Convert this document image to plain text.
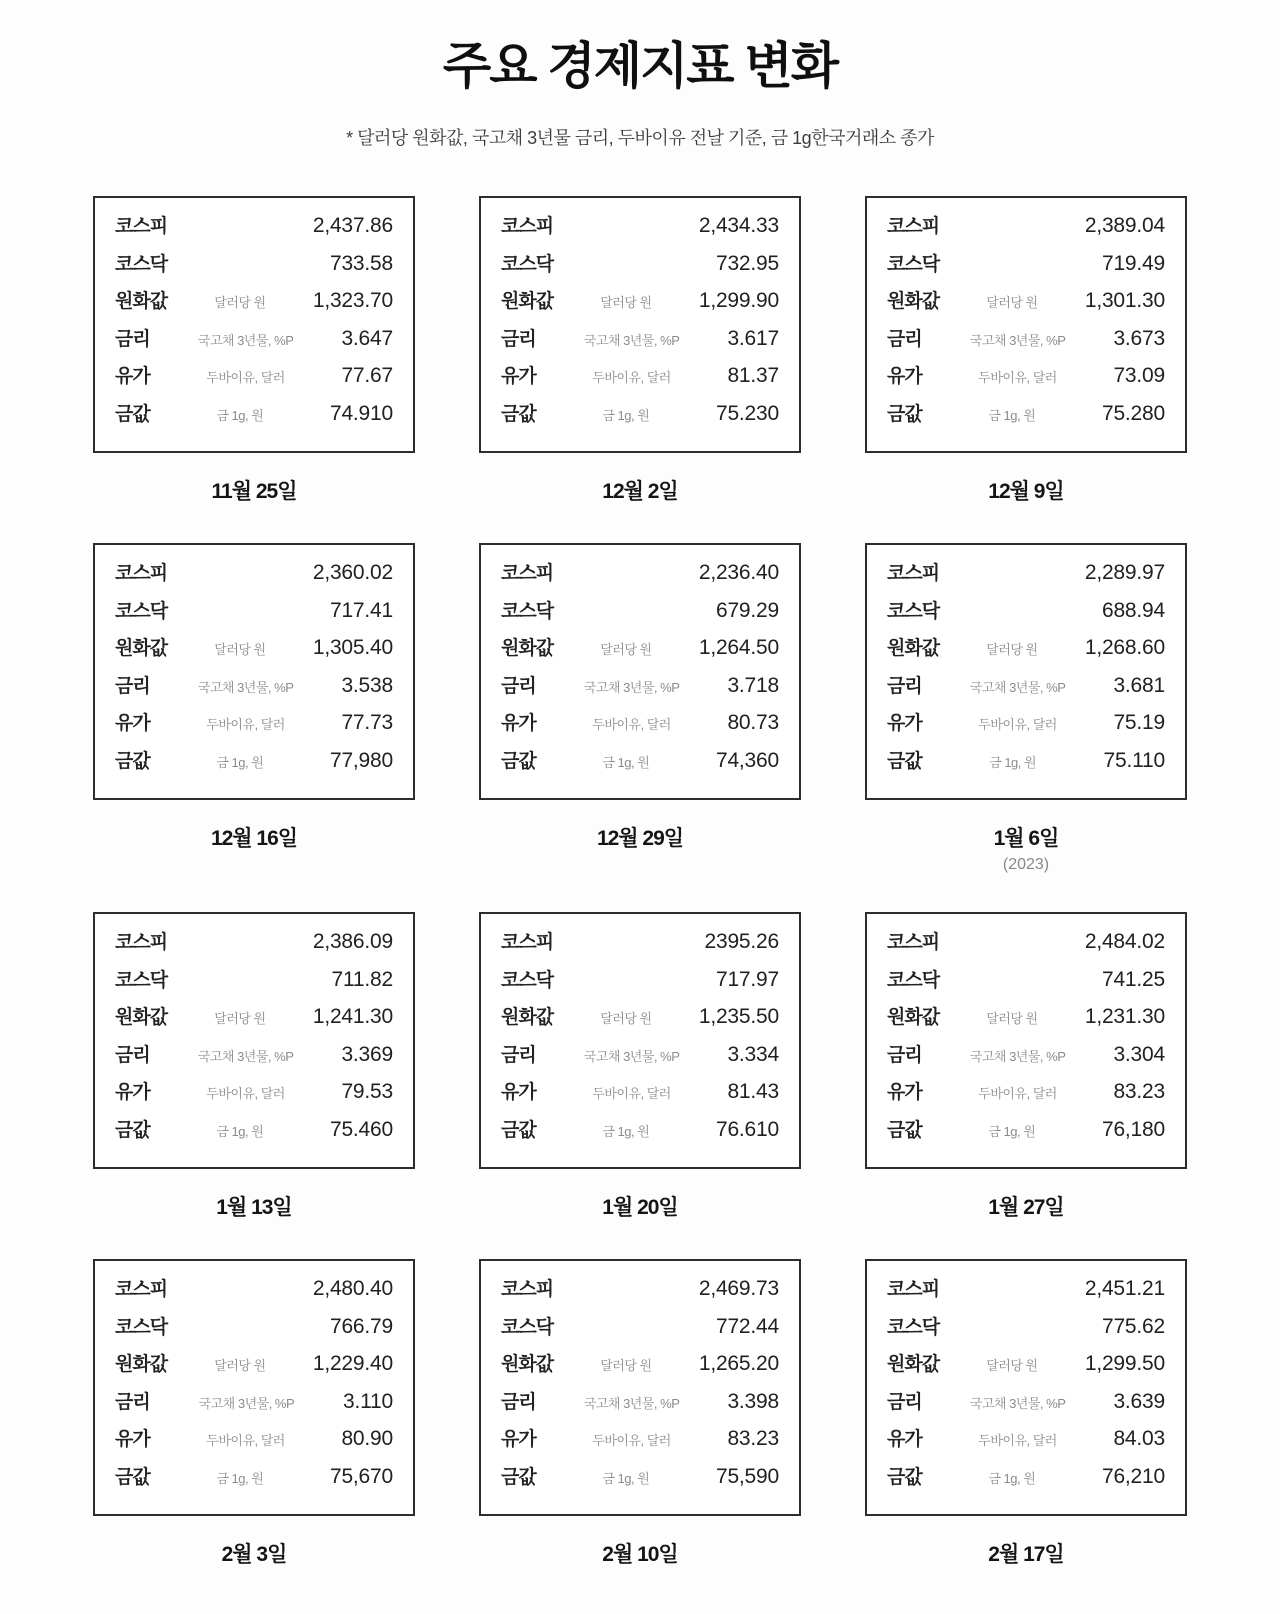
주요 경제지표 변화
* 달러당 원화값, 국고채 3년물 금리, 두바이유 전날 기준, 금 1g한국거래소 종가
코스피	2,437.86
코스닥	733.58
원화값	달러당 원	1,323.70
금리	국고채 3년물, %P	3.647
유가	두바이유, 달러	77.67
금값	금 1g, 원	74.910
11월 25일
코스피	2,434.33
코스닥	732.95
원화값	달러당 원	1,299.90
금리	국고채 3년물, %P	3.617
유가	두바이유, 달러	81.37
금값	금 1g, 원	75.230
12월 2일
코스피	2,389.04
코스닥	719.49
원화값	달러당 원	1,301.30
금리	국고채 3년물, %P	3.673
유가	두바이유, 달러	73.09
금값	금 1g, 원	75.280
12월 9일
코스피	2,360.02
코스닥	717.41
원화값	달러당 원	1,305.40
금리	국고채 3년물, %P	3.538
유가	두바이유, 달러	77.73
금값	금 1g, 원	77,980
12월 16일
코스피	2,236.40
코스닥	679.29
원화값	달러당 원	1,264.50
금리	국고채 3년물, %P	3.718
유가	두바이유, 달러	80.73
금값	금 1g, 원	74,360
12월 29일
코스피	2,289.97
코스닥	688.94
원화값	달러당 원	1,268.60
금리	국고채 3년물, %P	3.681
유가	두바이유, 달러	75.19
금값	금 1g, 원	75.110
1월 6일
(2023)
코스피	2,386.09
코스닥	711.82
원화값	달러당 원	1,241.30
금리	국고채 3년물, %P	3.369
유가	두바이유, 달러	79.53
금값	금 1g, 원	75.460
1월 13일
코스피	2395.26
코스닥	717.97
원화값	달러당 원	1,235.50
금리	국고채 3년물, %P	3.334
유가	두바이유, 달러	81.43
금값	금 1g, 원	76.610
1월 20일
코스피	2,484.02
코스닥	741.25
원화값	달러당 원	1,231.30
금리	국고채 3년물, %P	3.304
유가	두바이유, 달러	83.23
금값	금 1g, 원	76,180
1월 27일
코스피	2,480.40
코스닥	766.79
원화값	달러당 원	1,229.40
금리	국고채 3년물, %P	3.110
유가	두바이유, 달러	80.90
금값	금 1g, 원	75,670
2월 3일
코스피	2,469.73
코스닥	772.44
원화값	달러당 원	1,265.20
금리	국고채 3년물, %P	3.398
유가	두바이유, 달러	83.23
금값	금 1g, 원	75,590
2월 10일
코스피	2,451.21
코스닥	775.62
원화값	달러당 원	1,299.50
금리	국고채 3년물, %P	3.639
유가	두바이유, 달러	84.03
금값	금 1g, 원	76,210
2월 17일
